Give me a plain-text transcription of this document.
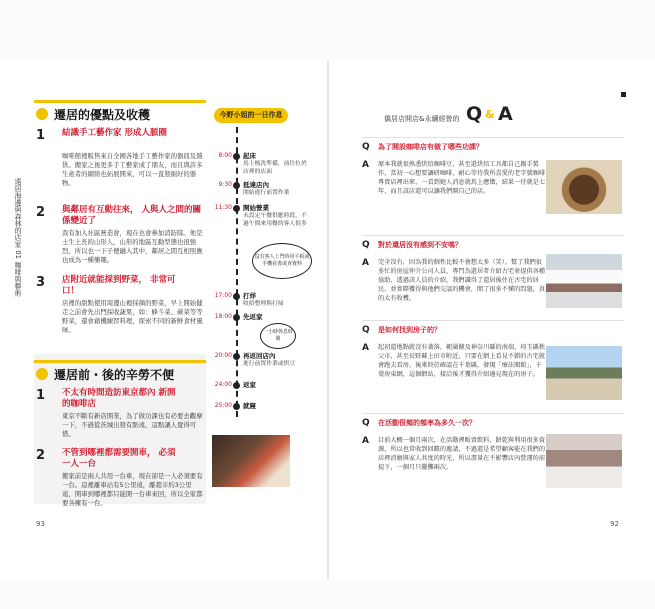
遠居海邊與森林的店家 01 咖啡與藝術
遷居的優點及收穫
1 結識手工藝作家 形成人脈圈
咖啡館裡販售來自全國各地手工藝作家的器皿及雜貨。搬家之後更多手工藝家成了朋友，而且與許多生產者的網絡也拓展開來，可以一直發掘好的器物。
2 與鄰居有互動往來， 人與人之間的關係變近了
我有加入社區營造會，現在也會參加消防隊。他是土生土長的山形人，山形的地區互動型態也很強烈，所以也一下子便融入其中，鄰居之間互相照應也成為一種樂趣。
3 店附近就能採到野菜， 非常可口！
店裡的甜點使用周邊山裡採摘的野菜，早上開始健走之前會先出門採收蔬果，如：蜂斗菜、蕨菜等等野菜，還會藉機練習料理，探索不同的新鮮食材風味。
遷居前・後的辛勞不便
1 不太有時間造訪東京都內 新開的咖啡店
東京不斷有新店開業，為了做功課也有必要去觀摩一下，不過從茨城出發有點遠，這點讓人覺得可惜。
2 不管到哪裡都需要開車， 必須一人一台
搬家前是兩人共用一台車，現在卻是一人必須要有一台。這裡離車站有5公里遠，離超市約3公里遠，開車到哪裡都只能開一台車來回，所以全家都要各擁有一台。
93
今野小姐的一日作息
8:00 起床
馬上梳洗準備，前往位於店裡的店面
9:30 抵達店內
開始進行前置作業
11:30 開始營業
未設定午餐供應時段，不過午間來用餐的客人很多
沒有客人上門時用平板或手機看書或查資料
17:00 打烊
收拾整理與打掃
18:00 先返家
一小時休息時間
20:00 再返回店內
進行前置作業或烘豆
24:00 返家
25:00 就寢
僑居店開店&永續經營的 Q & A
Q 為了開設咖啡店有做了哪些功課？
A 原本我就很熟悉烘焙咖啡豆，甚至還烘焙工具都自己親手製作，當初一心想要讓研咖啡，耐心等待我所喜愛的老字號咖啡專賣店裡出來，一看到她人消息就馬上應徵，結果一待就是七年，而且該店還可以讓我們開自己的店。
Q 對於還居沒有感到不安嗎？
A 完全沒有，因為我的個性比較不會想太多（笑）。幫了我們很多忙的房屋仲介公司人員，專門為還居者介紹古宅並提供各種協助，透過該人員的介紹，我們識得了還居後住在古宅的居民，並實際獲得與他們交談的機會，閒了很多不懂的問題，真的太有收穫。
Q 是如何找到房子的？
A 起初還地點就沒有著落，範圍擴及神奈川縣的南端，埼玉縣秩父市，甚至長野縣上田市附近，只要在網上看見不錯的古宅就會跑去看房。後來終於確認在千葉縣，發現「療法閣館」，千葉房東網，這個網站，接洽後才獲得介紹邊見現在的房子。
Q 在活動很頻的頻率為多久一次？
A 目前大概一個月兩次，在活動裡販賣飲料、餅乾與利用很多資源，所以也常收到回饋的邀請，不過還是希望顧客能在我們的店裡消磨與家人共度的時光，所以盡量在不影響店內營運的前提下，一個月只擺攤兩次。
92
